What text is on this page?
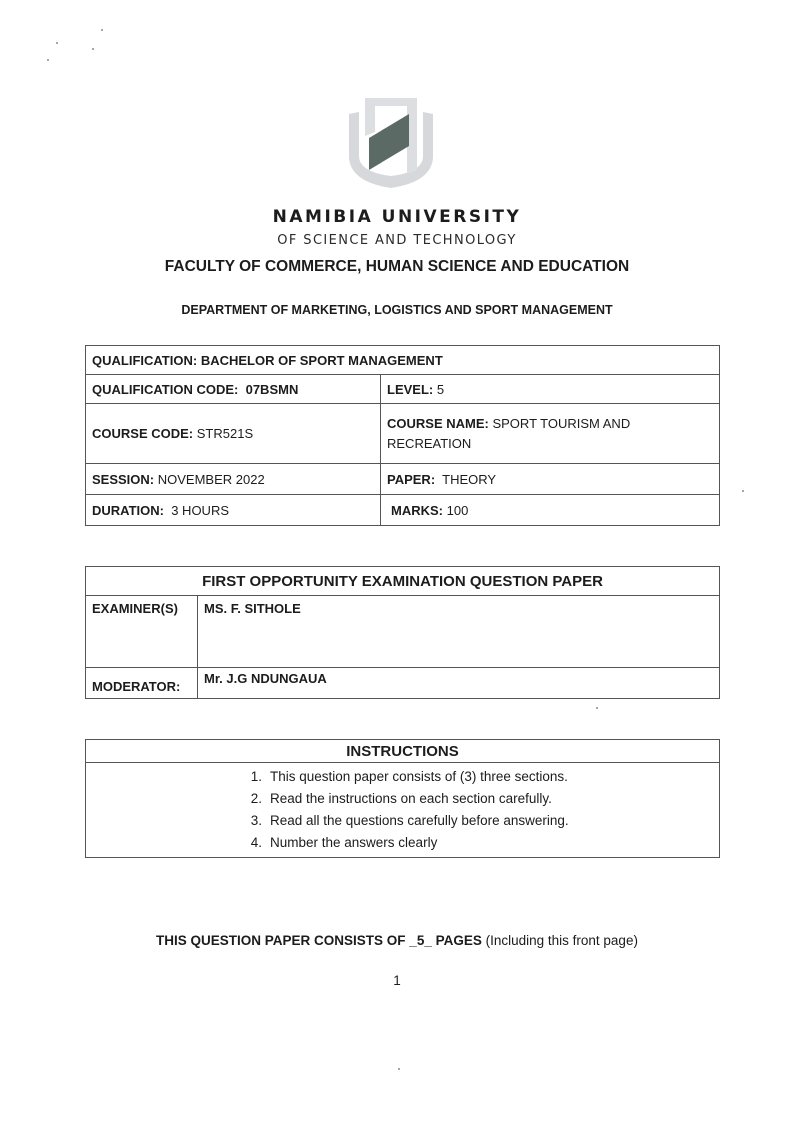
NAMIBIA UNIVERSITY
OF SCIENCE AND TECHNOLOGY
FACULTY OF COMMERCE, HUMAN SCIENCE AND EDUCATION
DEPARTMENT OF MARKETING, LOGISTICS AND SPORT MANAGEMENT
QUALIFICATION: BACHELOR OF SPORT MANAGEMENT	
QUALIFICATION CODE: 07BSMN	LEVEL: 5
COURSE CODE: STR521S	COURSE NAME: SPORT TOURISM AND RECREATION
SESSION: NOVEMBER 2022	PAPER: THEORY
DURATION: 3 HOURS	MARKS: 100
FIRST OPPORTUNITY EXAMINATION QUESTION PAPER	
EXAMINER(S)	MS. F. SITHOLE
MODERATOR:	Mr. J.G NDUNGAUA
INSTRUCTIONS

1. This question paper consists of (3) three sections.
2. Read the instructions on each section carefully.
3. Read all the questions carefully before answering.
4. Number the answers clearly
THIS QUESTION PAPER CONSISTS OF _5_ PAGES (Including this front page)
1
